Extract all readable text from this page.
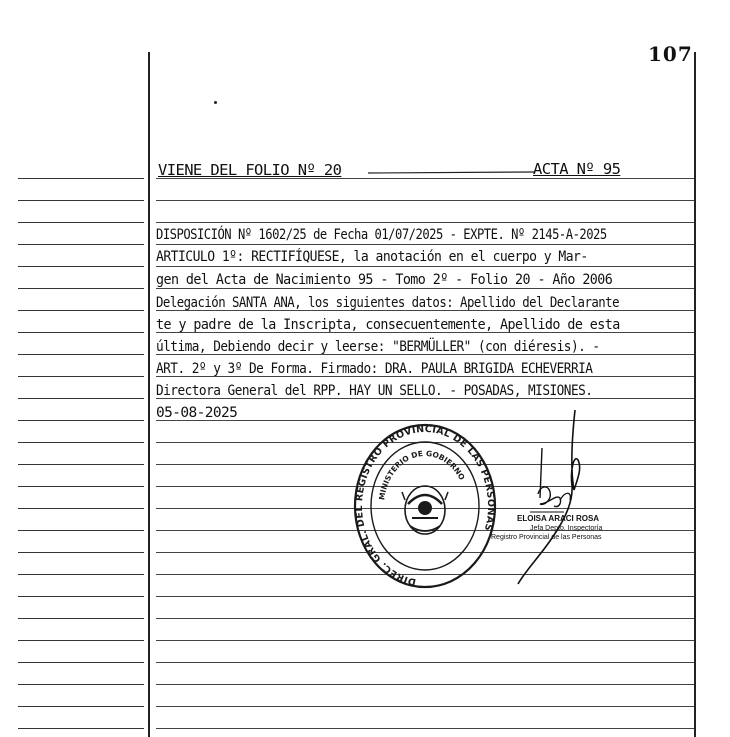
107
VIENE DEL FOLIO Nº 20	ACTA Nº 95
DISPOSICIÓN Nº 1602/25 de Fecha 01/07/2025 - EXPTE. Nº 2145-A-2025
ARTICULO 1º: RECTIFÍQUESE, la anotación en el cuerpo y Mar-
gen del Acta de Nacimiento 95 - Tomo 2º - Folio 20 - Año 2006
Delegación SANTA ANA, los siguientes datos: Apellido del Declarante
te y padre de la Inscripta, consecuentemente, Apellido de esta
última, Debiendo decir y leerse: "BERMÜLLER" (con diéresis). -
ART. 2º y 3º De Forma. Firmado: DRA. PAULA BRIGIDA ECHEVERRIA
Directora General del RPP. HAY UN SELLO. - POSADAS, MISIONES.
05-08-2025
DIREC. GRAL. DEL REGISTRO PROVINCIAL DE LAS PERSONAS
MINISTERIO DE GOBIERNO
ELOISA ARACI ROSA
Jefa Depto. Inspectoría
Registro Provincial de las Personas
